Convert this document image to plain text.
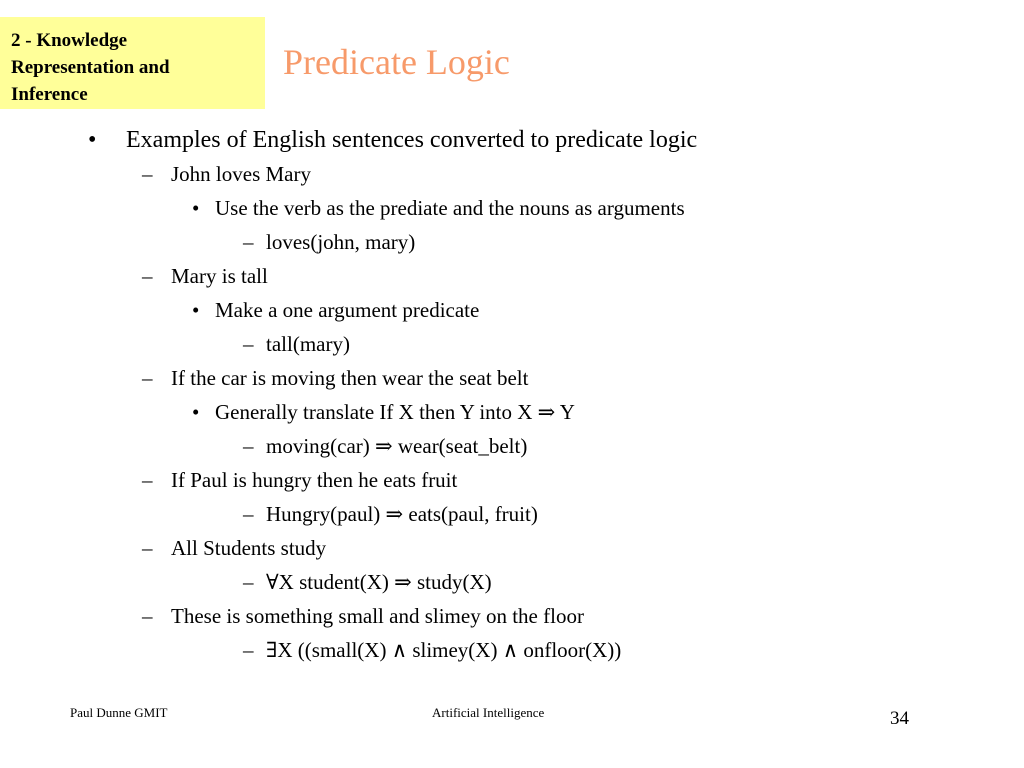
2 - Knowledge
Representation and
Inference
Predicate Logic
• Examples of English sentences converted to predicate logic
– John loves Mary
• Use the verb as the prediate and the nouns as arguments
– loves(john, mary)
– Mary is tall
• Make a one argument predicate
– tall(mary)
– If the car is moving then wear the seat belt
• Generally translate If X then Y into X ⇒ Y
– moving(car) ⇒ wear(seat_belt)
– If Paul is hungry then he eats fruit
– Hungry(paul) ⇒ eats(paul, fruit)
– All Students study
– ∀X student(X) ⇒ study(X)
– These is something small and slimey on the floor
– ∃X ((small(X) ∧ slimey(X) ∧ onfloor(X))
Paul Dunne GMIT	Artificial Intelligence	34
